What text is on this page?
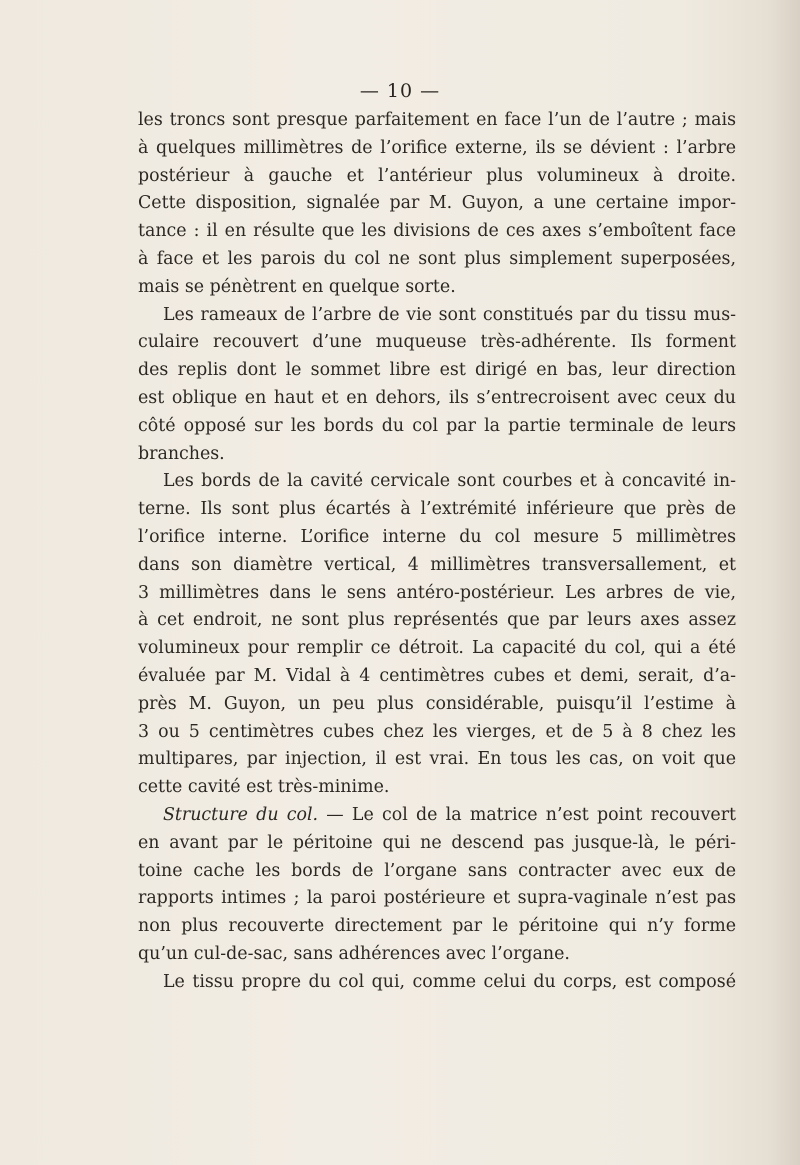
— 10 —
les troncs sont presque parfaitement en face l’un de l’autre ; mais
à quelques millimètres de l’orifice externe, ils se dévient : l’arbre
postérieur à gauche et l’antérieur plus volumineux à droite.
Cette disposition, signalée par M. Guyon, a une certaine impor-
tance : il en résulte que les divisions de ces axes s’emboîtent face
à face et les parois du col ne sont plus simplement superposées,
mais se pénètrent en quelque sorte.
Les rameaux de l’arbre de vie sont constitués par du tissu mus-
culaire recouvert d’une muqueuse très-adhérente. Ils forment
des replis dont le sommet libre est dirigé en bas, leur direction
est oblique en haut et en dehors, ils s’entrecroisent avec ceux du
côté opposé sur les bords du col par la partie terminale de leurs
branches.
Les bords de la cavité cervicale sont courbes et à concavité in-
terne. Ils sont plus écartés à l’extrémité inférieure que près de
l’orifice interne. L’orifice interne du col mesure 5 millimètres
dans son diamètre vertical, 4 millimètres transversallement, et
3 millimètres dans le sens antéro-postérieur. Les arbres de vie,
à cet endroit, ne sont plus représentés que par leurs axes assez
volumineux pour remplir ce détroit. La capacité du col, qui a été
évaluée par M. Vidal à 4 centimètres cubes et demi, serait, d’a-
près M. Guyon, un peu plus considérable, puisqu’il l’estime à
3 ou 5 centimètres cubes chez les vierges, et de 5 à 8 chez les
multipares, par injection, il est vrai. En tous les cas, on voit que
cette cavité est très-minime.
Structure du col. — Le col de la matrice n’est point recouvert
en avant par le péritoine qui ne descend pas jusque-là, le péri-
toine cache les bords de l’organe sans contracter avec eux de
rapports intimes ; la paroi postérieure et supra-vaginale n’est pas
non plus recouverte directement par le péritoine qui n’y forme
qu’un cul-de-sac, sans adhérences avec l’organe.
Le tissu propre du col qui, comme celui du corps, est composé
